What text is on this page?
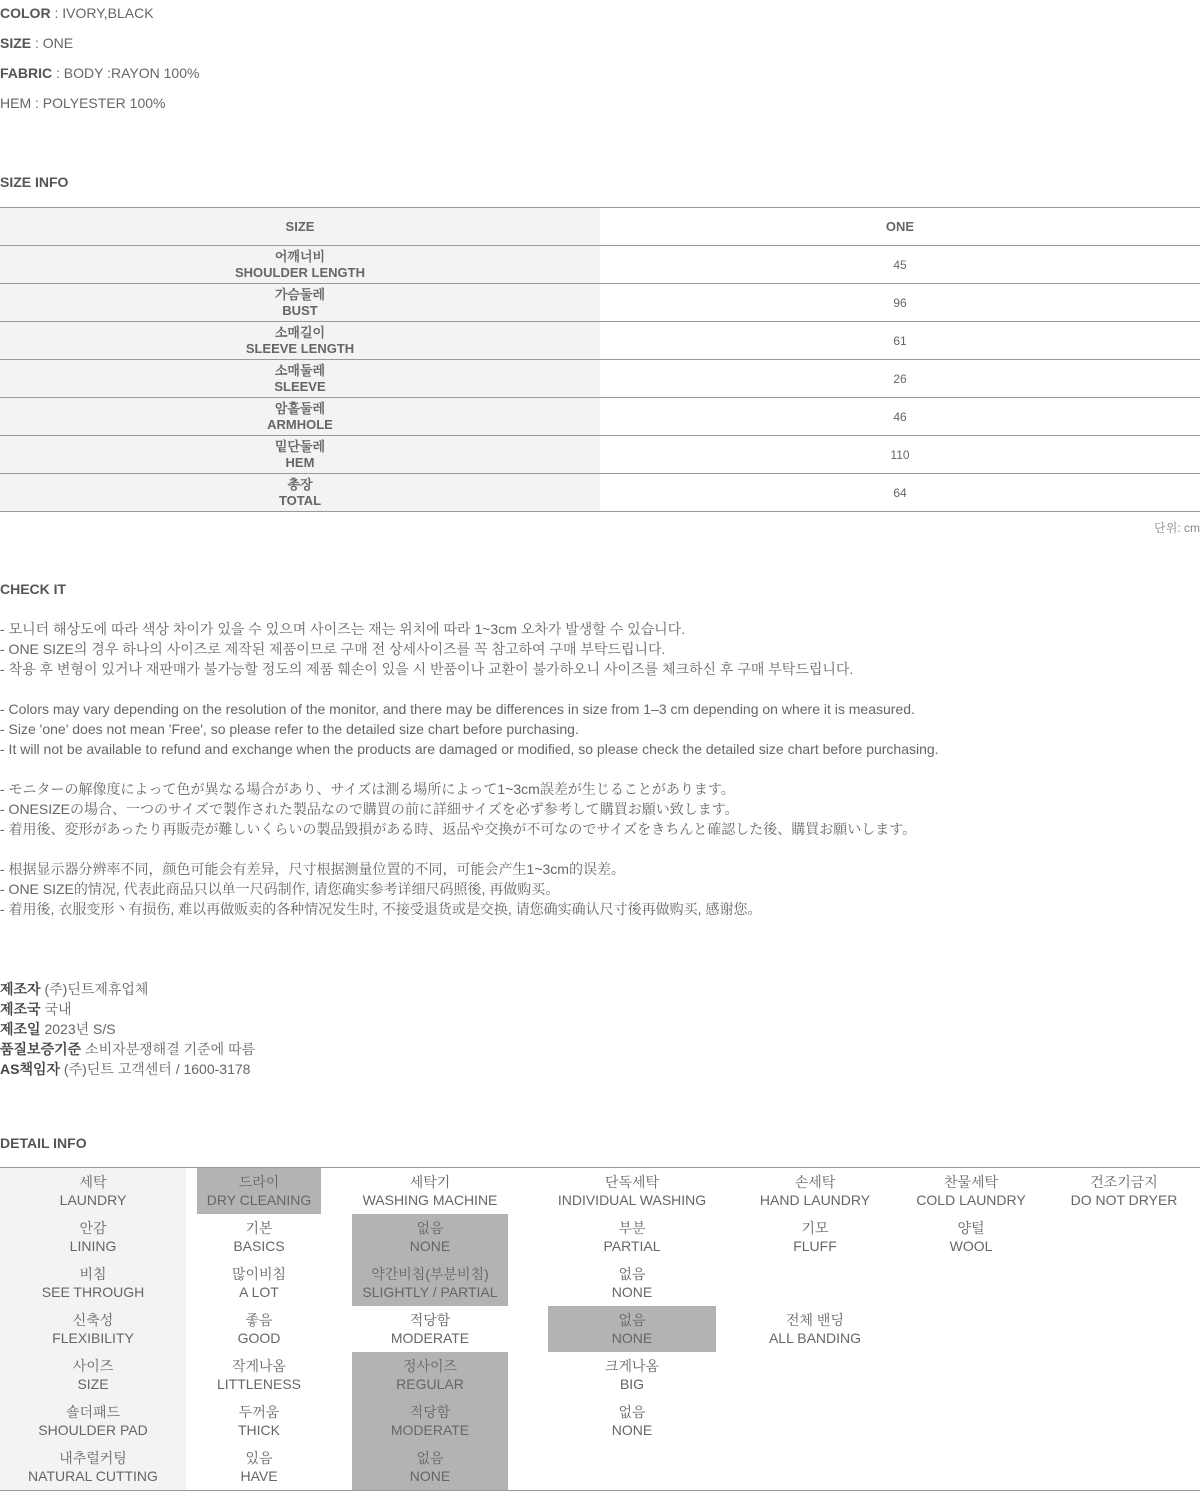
COLOR : IVORY,BLACK
SIZE : ONE
FABRIC : BODY :RAYON 100%
HEM : POLYESTER 100%
SIZE INFO
SIZE	ONE

어깨너비
SHOULDER LENGTH	45

가슴둘레
BUST	96

소매길이
SLEEVE LENGTH	61

소매둘레
SLEEVE	26

암홀둘레
ARMHOLE	46

밑단둘레
HEM	110

총장
TOTAL	64
단위: cm
CHECK IT
- 모니터 해상도에 따라 색상 차이가 있을 수 있으며 사이즈는 재는 위치에 따라 1~3cm 오차가 발생할 수 있습니다.
- ONE SIZE의 경우 하나의 사이즈로 제작된 제품이므로 구매 전 상세사이즈를 꼭 참고하여 구매 부탁드립니다.
- 착용 후 변형이 있거나 재판매가 불가능할 정도의 제품 훼손이 있을 시 반품이나 교환이 불가하오니 사이즈를 체크하신 후 구매 부탁드립니다.
- Colors may vary depending on the resolution of the monitor, and there may be differences in size from 1–3 cm depending on where it is measured.
- Size 'one' does not mean 'Free', so please refer to the detailed size chart before purchasing.
- It will not be available to refund and exchange when the products are damaged or modified, so please check the detailed size chart before purchasing.
- モニターの解像度によって色が異なる場合があり、サイズは測る場所によって1~3cm誤差が生じることがあります。
- ONESIZEの場合、一つのサイズで製作された製品なので購買の前に詳細サイズを必ず参考して購買お願い致します。
- 着用後、変形があったり再販売が難しいくらいの製品毀損がある時、返品や交換が不可なのでサイズをきちんと確認した後、購買お願いします。
- 根据显示器分辨率不同，颜色可能会有差异，尺寸根据测量位置的不同，可能会产生1~3cm的误差。
- ONE SIZE的情况, 代表此商品只以单一尺码制作, 请您确实参考详细尺码照後, 再做购买。
- 着用後, 衣服变形丶有损伤, 难以再做贩卖的各种情况发生时, 不接受退货或是交换, 请您确实确认尺寸後再做购买, 感谢您。
제조자 (주)딘트제휴업체
제조국 국내
제조일 2023년 S/S
품질보증기준 소비자분쟁해결 기준에 따름
AS책임자 (주)딘트 고객센터 / 1600-3178
DETAIL INFO
세탁
LAUNDRY	드라이
DRY CLEANING	세탁기
WASHING MACHINE	단독세탁
INDIVIDUAL WASHING	손세탁
HAND LAUNDRY	찬물세탁
COLD LAUNDRY	건조기금지
DO NOT DRYER

안감
LINING	기본
BASICS	없음
NONE	부분
PARTIAL	기모
FLUFF	양털
WOOL	

비침
SEE THROUGH	많이비침
A LOT	약간비침(부분비침)
SLIGHTLY / PARTIAL	없음
NONE			

신축성
FLEXIBILITY	좋음
GOOD	적당함
MODERATE	없음
NONE	전체 밴딩
ALL BANDING		

사이즈
SIZE	작게나옴
LITTLENESS	정사이즈
REGULAR	크게나옴
BIG			

숄더패드
SHOULDER PAD	두꺼움
THICK	적당함
MODERATE	없음
NONE			

내추럴커팅
NATURAL CUTTING	있음
HAVE	없음
NONE				
